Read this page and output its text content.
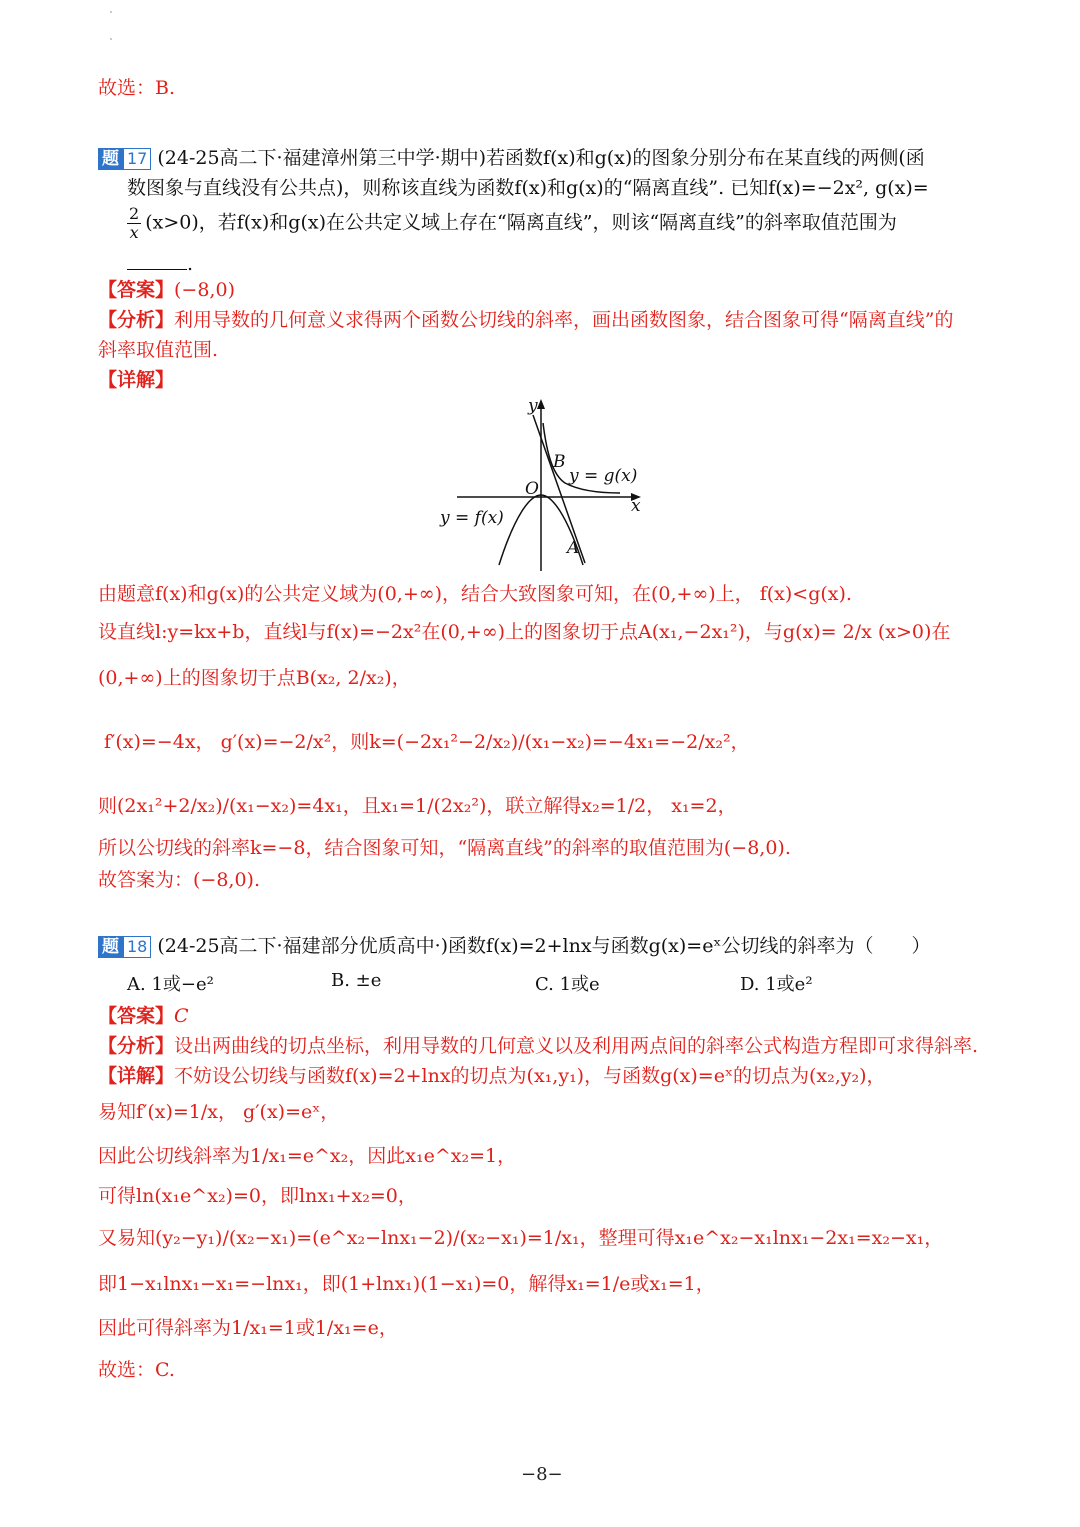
故选：B.
题 17 (24-25高二下·福建漳州第三中学·期中)若函数f(x)和g(x)的图象分别分布在某直线的两侧(函
数图象与直线没有公共点)，则称该直线为函数f(x)和g(x)的“隔离直线”. 已知f(x)=−2x², g(x)=
$\frac{2}{x} (x>0)$，若f(x)和g(x)在公共定义域上存在“隔离直线”，则该“隔离直线”的斜率取值范围为
.
【答案】(−8,0)
【分析】利用导数的几何意义求得两个函数公切线的斜率，画出函数图象，结合图象可得“隔离直线”的
斜率取值范围.
【详解】
y
x
O
B
A
y = g(x)
y = f(x)
由题意f(x)和g(x)的公共定义域为(0,+∞)，结合大致图象可知，在(0,+∞)上， f(x)<g(x).
设直线l:y=kx+b，直线l与f(x)=−2x²在(0,+∞)上的图象切于点A(x₁,−2x₁²)，与g(x)= 2/x (x>0)在
(0,+∞)上的图象切于点B(x₂, 2/x₂)，
f′(x)=−4x， g′(x)=−2/x²，则k=(−2x₁²−2/x₂)/(x₁−x₂)=−4x₁=−2/x₂²，
则(2x₁²+2/x₂)/(x₁−x₂)=4x₁，且x₁=1/(2x₂²)，联立解得x₂=1/2， x₁=2，
所以公切线的斜率k=−8，结合图象可知，“隔离直线”的斜率的取值范围为(−8,0).
故答案为：(−8,0).
题 18 (24-25高二下·福建部分优质高中·)函数f(x)=2+lnx与函数g(x)=eˣ公切线的斜率为（　　）
A. 1或−e²	B. ±e	C. 1或e	D. 1或e²
【答案】C
【分析】设出两曲线的切点坐标，利用导数的几何意义以及利用两点间的斜率公式构造方程即可求得斜率.
【详解】不妨设公切线与函数f(x)=2+lnx的切点为(x₁,y₁)，与函数g(x)=eˣ的切点为(x₂,y₂)，
易知f′(x)=1/x， g′(x)=eˣ，
因此公切线斜率为1/x₁=e^x₂，因此x₁e^x₂=1，
可得ln(x₁e^x₂)=0，即lnx₁+x₂=0，
又易知(y₂−y₁)/(x₂−x₁)=(e^x₂−lnx₁−2)/(x₂−x₁)=1/x₁，整理可得x₁e^x₂−x₁lnx₁−2x₁=x₂−x₁，
即1−x₁lnx₁−x₁=−lnx₁，即(1+lnx₁)(1−x₁)=0，解得x₁=1/e或x₁=1，
因此可得斜率为1/x₁=1或1/x₁=e，
故选：C.
−8−
